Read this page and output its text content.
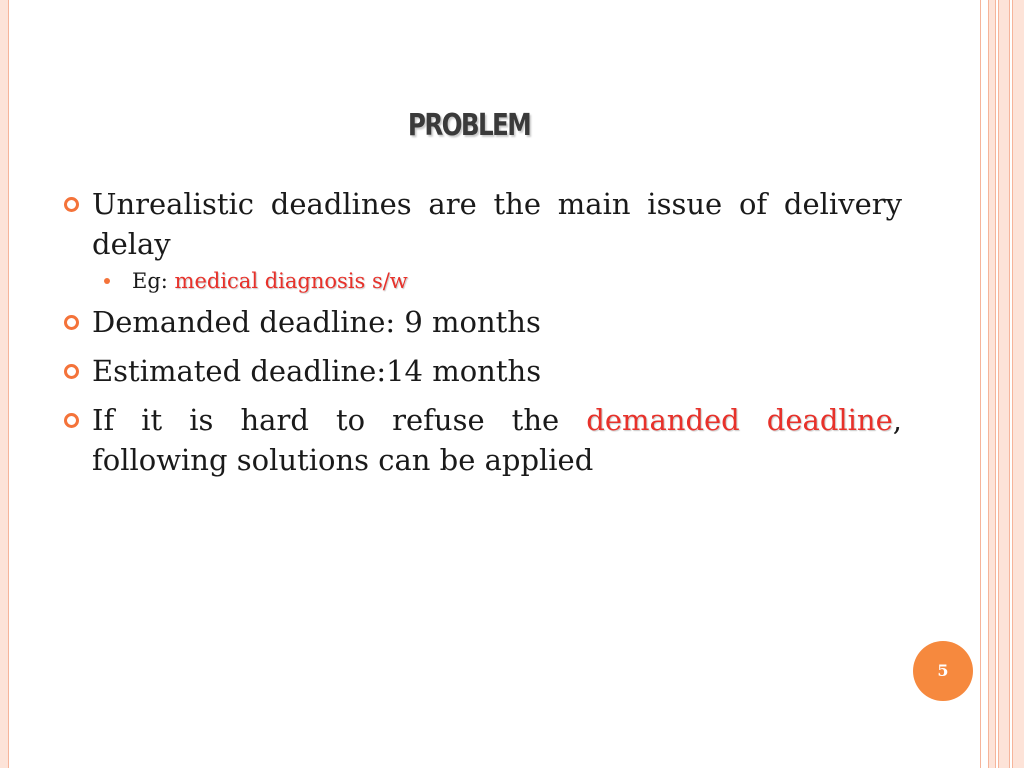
PROBLEM
Unrealistic deadlines are the main issue of delivery delay
Eg: medical diagnosis s/w
Demanded deadline: 9 months
Estimated deadline:14 months
If it is hard to refuse the demanded deadline, following solutions can be applied
5
